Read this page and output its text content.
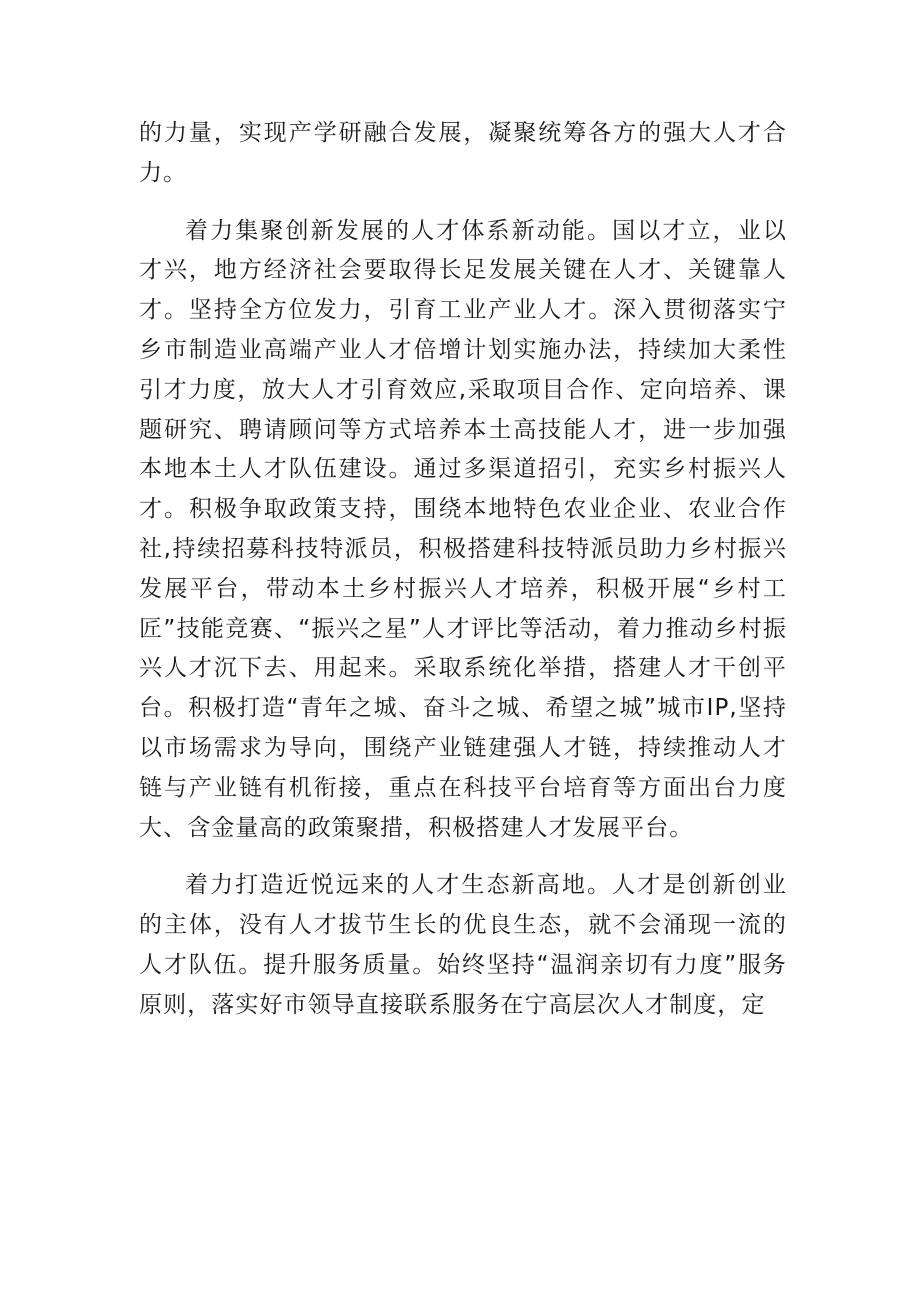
的力量，实现产学研融合发展，凝聚统筹各方的强大人才合力。

着力集聚创新发展的人才体系新动能。国以才立，业以才兴，地方经济社会要取得长足发展关键在人才、关键靠人才。坚持全方位发力，引育工业产业人才。深入贯彻落实宁乡市制造业高端产业人才倍增计划实施办法，持续加大柔性引才力度，放大人才引育效应,采取项目合作、定向培养、课题研究、聘请顾问等方式培养本土高技能人才，进一步加强本地本土人才队伍建设。通过多渠道招引，充实乡村振兴人才。积极争取政策支持，围绕本地特色农业企业、农业合作社,持续招募科技特派员，积极搭建科技特派员助力乡村振兴发展平台，带动本土乡村振兴人才培养，积极开展“乡村工匠”技能竞赛、“振兴之星”人才评比等活动，着力推动乡村振兴人才沉下去、用起来。采取系统化举措，搭建人才干创平台。积极打造“青年之城、奋斗之城、希望之城”城市IP,坚持以市场需求为导向，围绕产业链建强人才链，持续推动人才链与产业链有机衔接，重点在科技平台培育等方面出台力度大、含金量高的政策聚措，积极搭建人才发展平台。

着力打造近悦远来的人才生态新高地。人才是创新创业的主体，没有人才拔节生长的优良生态，就不会涌现一流的人才队伍。提升服务质量。始终坚持“温润亲切有力度”服务原则，落实好市领导直接联系服务在宁高层次人才制度，定
